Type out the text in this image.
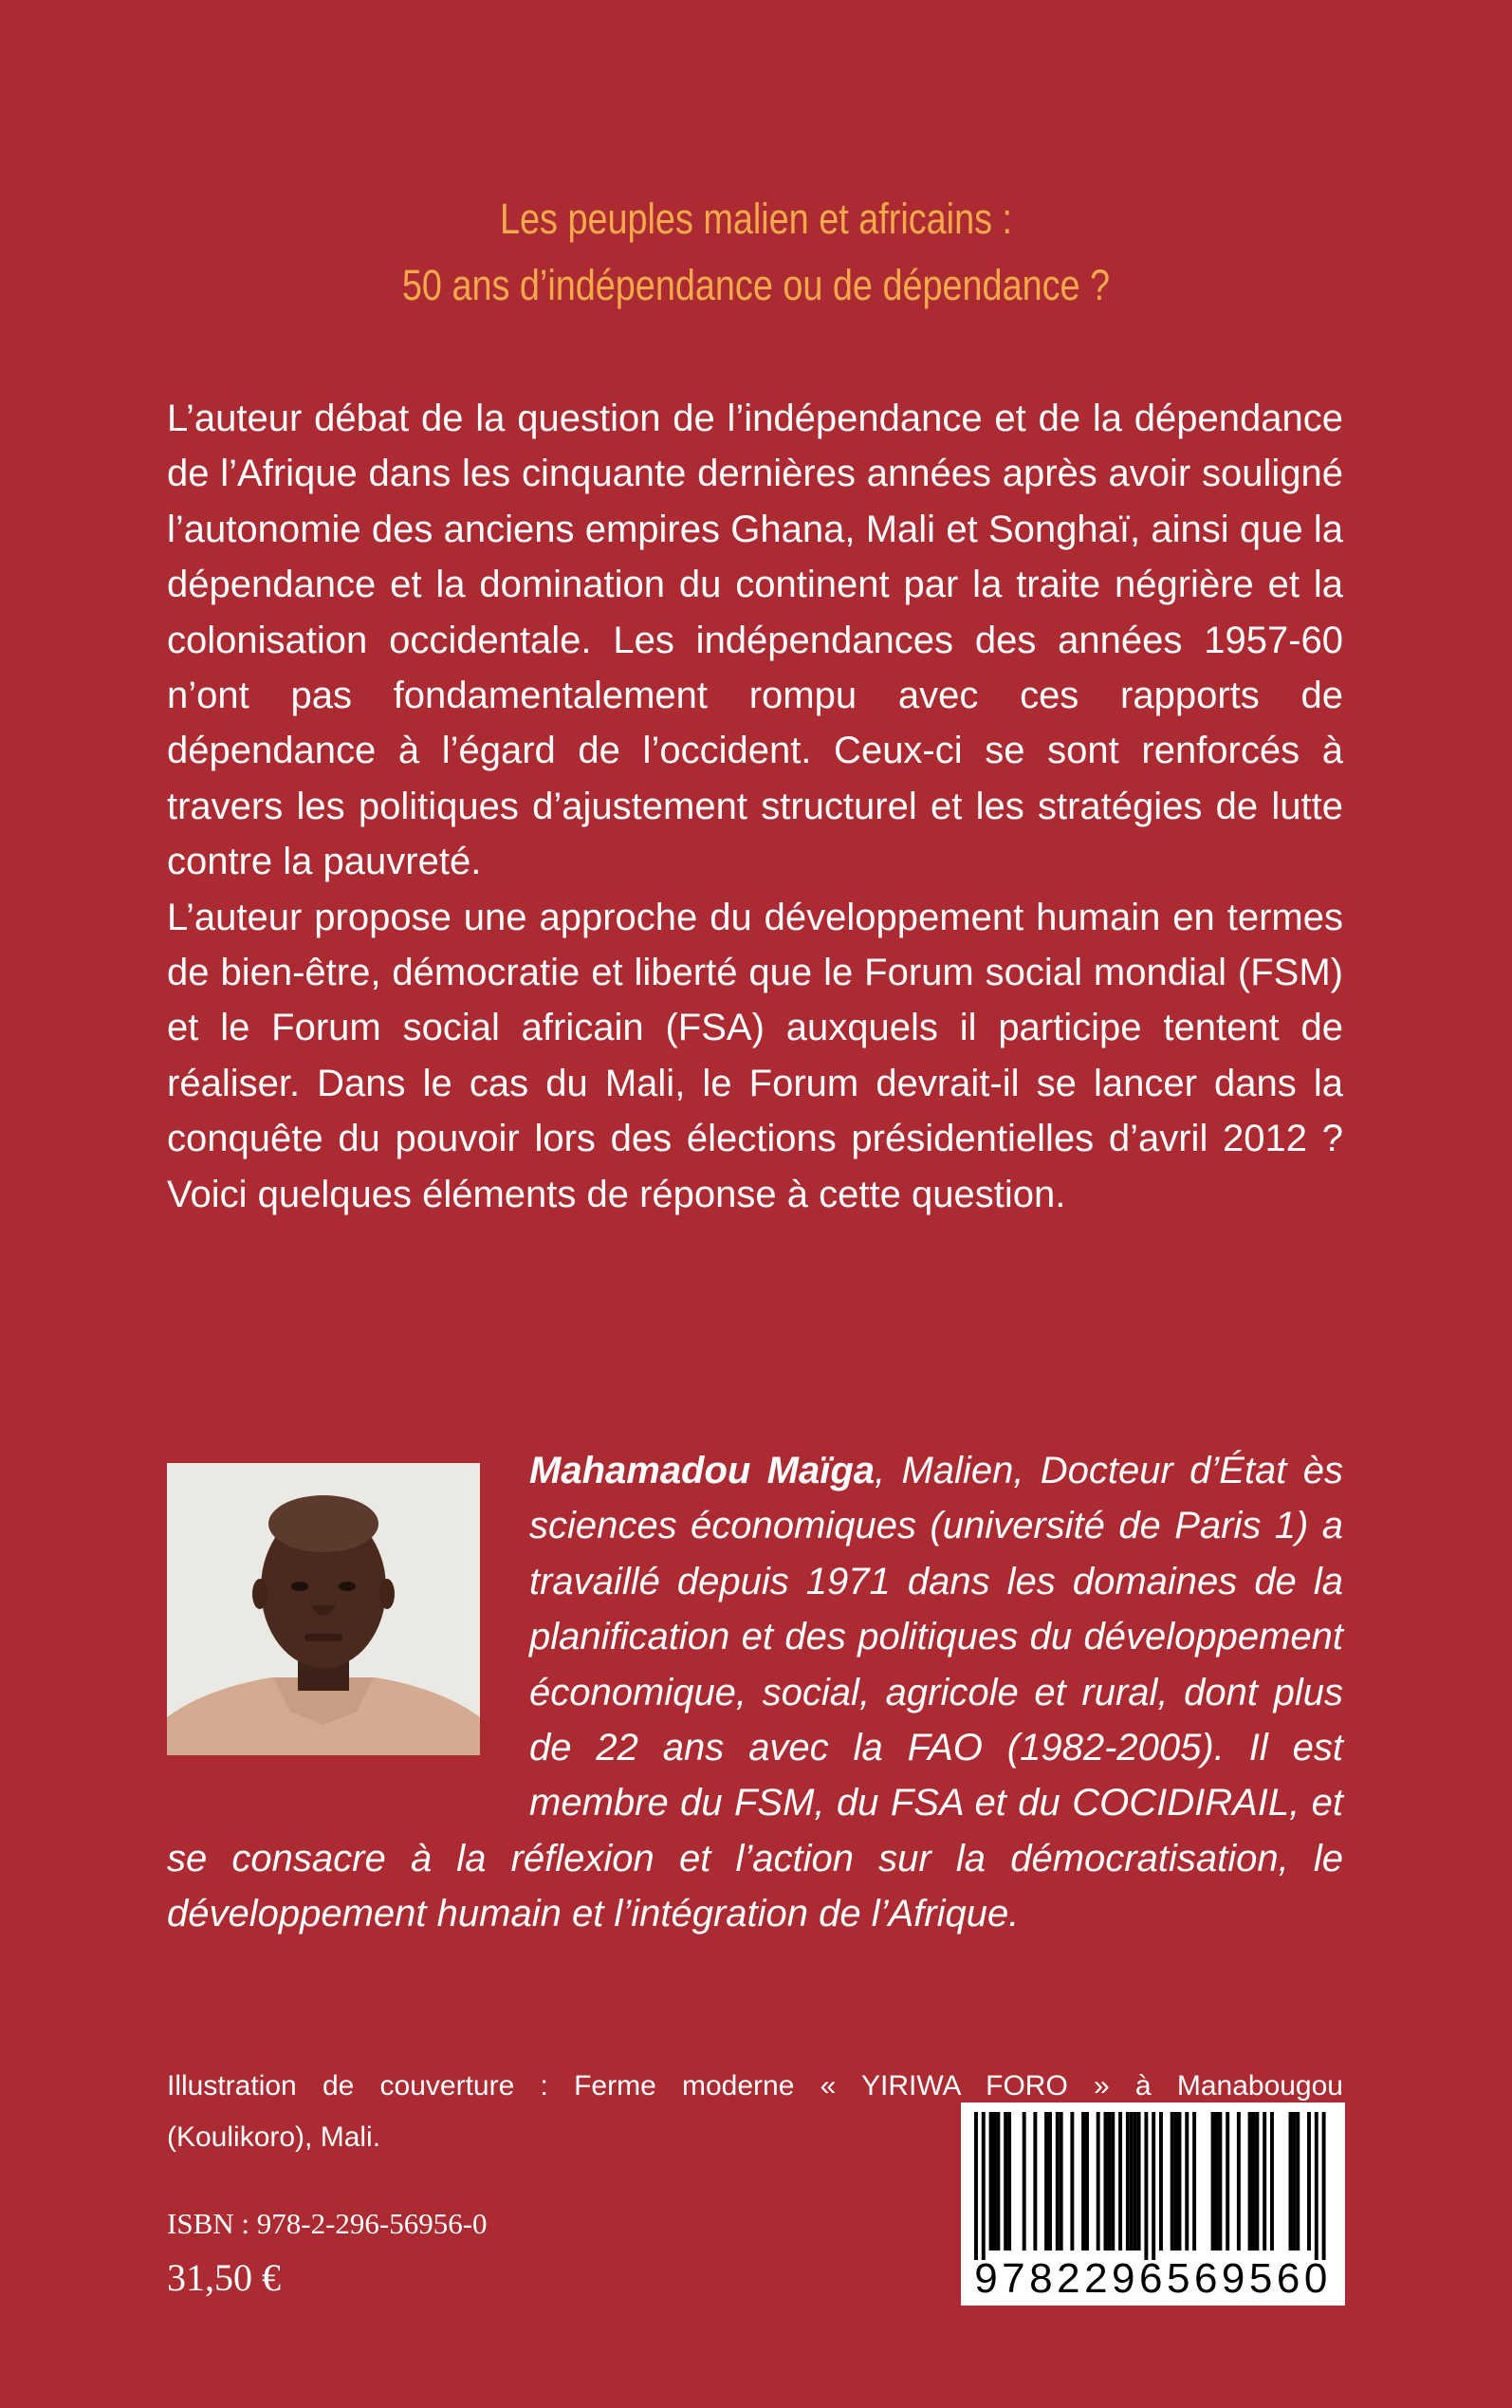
Les peuples malien et africains :
50 ans d’indépendance ou de dépendance ?

L’auteur débat de la question de l’indépendance et de la dépendance de l’Afrique dans les cinquante dernières années après avoir souligné l’autonomie des anciens empires Ghana, Mali et Songhaï, ainsi que la dépendance et la domination du continent par la traite négrière et la colonisation occidentale. Les indépendances des années 1957-60 n’ont pas fondamentalement rompu avec ces rapports de dépendance à l’égard de l’occident. Ceux-ci se sont renforcés à travers les politiques d’ajustement structurel et les stratégies de lutte contre la pauvreté.

L’auteur propose une approche du développement humain en termes de bien-être, démocratie et liberté que le Forum social mondial (FSM) et le Forum social africain (FSA) auxquels il participe tentent de réaliser. Dans le cas du Mali, le Forum devrait-il se lancer dans la conquête du pouvoir lors des élections présidentielles d’avril 2012 ? Voici quelques éléments de réponse à cette question.

Mahamadou Maïga, Malien, Docteur d’État ès sciences économiques (université de Paris 1) a travaillé depuis 1971 dans les domaines de la planification et des politiques du développement économique, social, agricole et rural, dont plus de 22 ans avec la FAO (1982-2005). Il est membre du FSM, du FSA et du COCIDIRAIL, et se consacre à la réflexion et l’action sur la démocratisation, le développement humain et l’intégration de l’Afrique.
Illustration de couverture : Ferme moderne « YIRIWA FORO » à Manabougou
(Koulikoro), Mali.
ISBN : 978-2-296-56956-0
31,50 €	9782296569560
